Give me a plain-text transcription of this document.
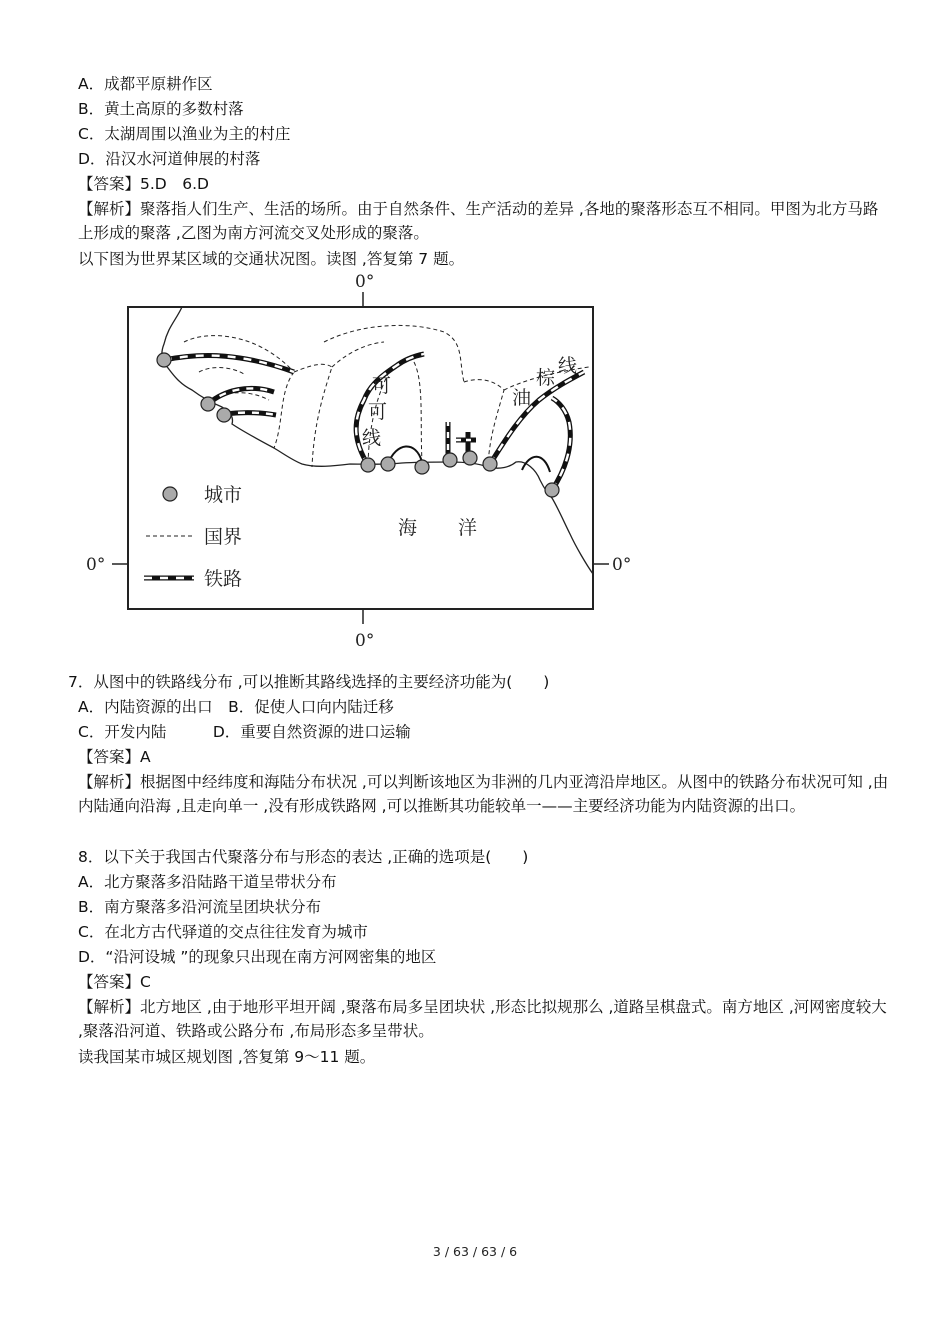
A．成都平原耕作区
B．黄土高原的多数村落
C．太湖周围以渔业为主的村庄
D．沿汉水河道伸展的村落
【答案】5.D　6.D
【解析】聚落指人们生产、生活的场所。由于自然条件、生产活动的差异 ,各地的聚落形态互不相同。甲图为北方马路上形成的聚落 ,乙图为南方河流交叉处形成的聚落。
以下图为世界某区域的交通状况图。读图 ,答复第 7 题。
0°
0°
0°	0°
可
可
线
油
棕
线
海 洋
城市
国界
铁路
7．从图中的铁路线分布 ,可以推断其路线选择的主要经济功能为(　　)
A．内陆资源的出口　B．促使人口向内陆迁移
C．开发内陆　　　D．重要自然资源的进口运输
【答案】A
【解析】根据图中经纬度和海陆分布状况 ,可以判断该地区为非洲的几内亚湾沿岸地区。从图中的铁路分布状况可知 ,由内陆通向沿海 ,且走向单一 ,没有形成铁路网 ,可以推断其功能较单一——主要经济功能为内陆资源的出口。
8．以下关于我国古代聚落分布与形态的表达 ,正确的选项是(　　)
A．北方聚落多沿陆路干道呈带状分布
B．南方聚落多沿河流呈团块状分布
C．在北方古代驿道的交点往往发育为城市
D．“沿河设城 ”的现象只出现在南方河网密集的地区
【答案】C
【解析】北方地区 ,由于地形平坦开阔 ,聚落布局多呈团块状 ,形态比拟规那么 ,道路呈棋盘式。南方地区 ,河网密度较大 ,聚落沿河道、铁路或公路分布 ,布局形态多呈带状。
读我国某市城区规划图 ,答复第 9～11 题。
3 / 63 / 63 / 6
